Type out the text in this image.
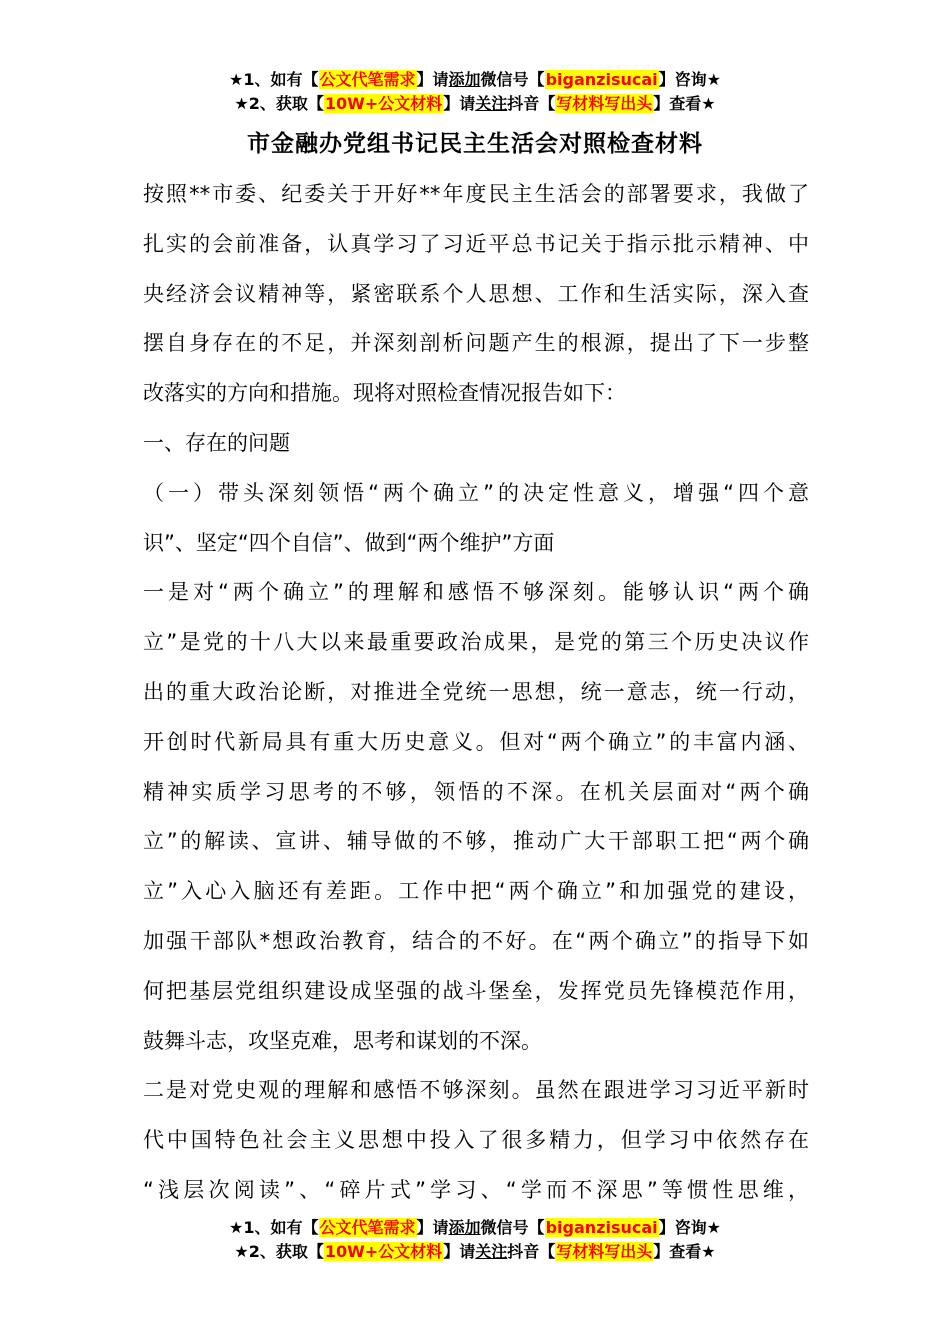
★1、如有【公文代笔需求】请添加微信号【biganzisucai】咨询★
★2、获取【10W+公文材料】请关注抖音【写材料写出头】查看★
市金融办党组书记民主生活会对照检查材料
按照**市委、纪委关于开好**年度民主生活会的部署要求，我做了
扎实的会前准备，认真学习了习近平总书记关于指示批示精神、中
央经济会议精神等，紧密联系个人思想、工作和生活实际，深入查
摆自身存在的不足，并深刻剖析问题产生的根源，提出了下一步整
改落实的方向和措施。现将对照检查情况报告如下：
一、存在的问题
（一）带头深刻领悟“两个确立”的决定性意义，增强“四个意
识”、坚定“四个自信”、做到“两个维护”方面
一是对“两个确立”的理解和感悟不够深刻。能够认识“两个确
立”是党的十八大以来最重要政治成果，是党的第三个历史决议作
出的重大政治论断，对推进全党统一思想，统一意志，统一行动，
开创时代新局具有重大历史意义。但对“两个确立”的丰富内涵、
精神实质学习思考的不够，领悟的不深。在机关层面对“两个确
立”的解读、宣讲、辅导做的不够，推动广大干部职工把“两个确
立”入心入脑还有差距。工作中把“两个确立”和加强党的建设，
加强干部队*想政治教育，结合的不好。在“两个确立”的指导下如
何把基层党组织建设成坚强的战斗堡垒，发挥党员先锋模范作用，
鼓舞斗志，攻坚克难，思考和谋划的不深。
二是对党史观的理解和感悟不够深刻。虽然在跟进学习习近平新时
代中国特色社会主义思想中投入了很多精力，但学习中依然存在
“浅层次阅读”、“碎片式”学习、“学而不深思”等惯性思维，
★1、如有【公文代笔需求】请添加微信号【biganzisucai】咨询★
★2、获取【10W+公文材料】请关注抖音【写材料写出头】查看★
